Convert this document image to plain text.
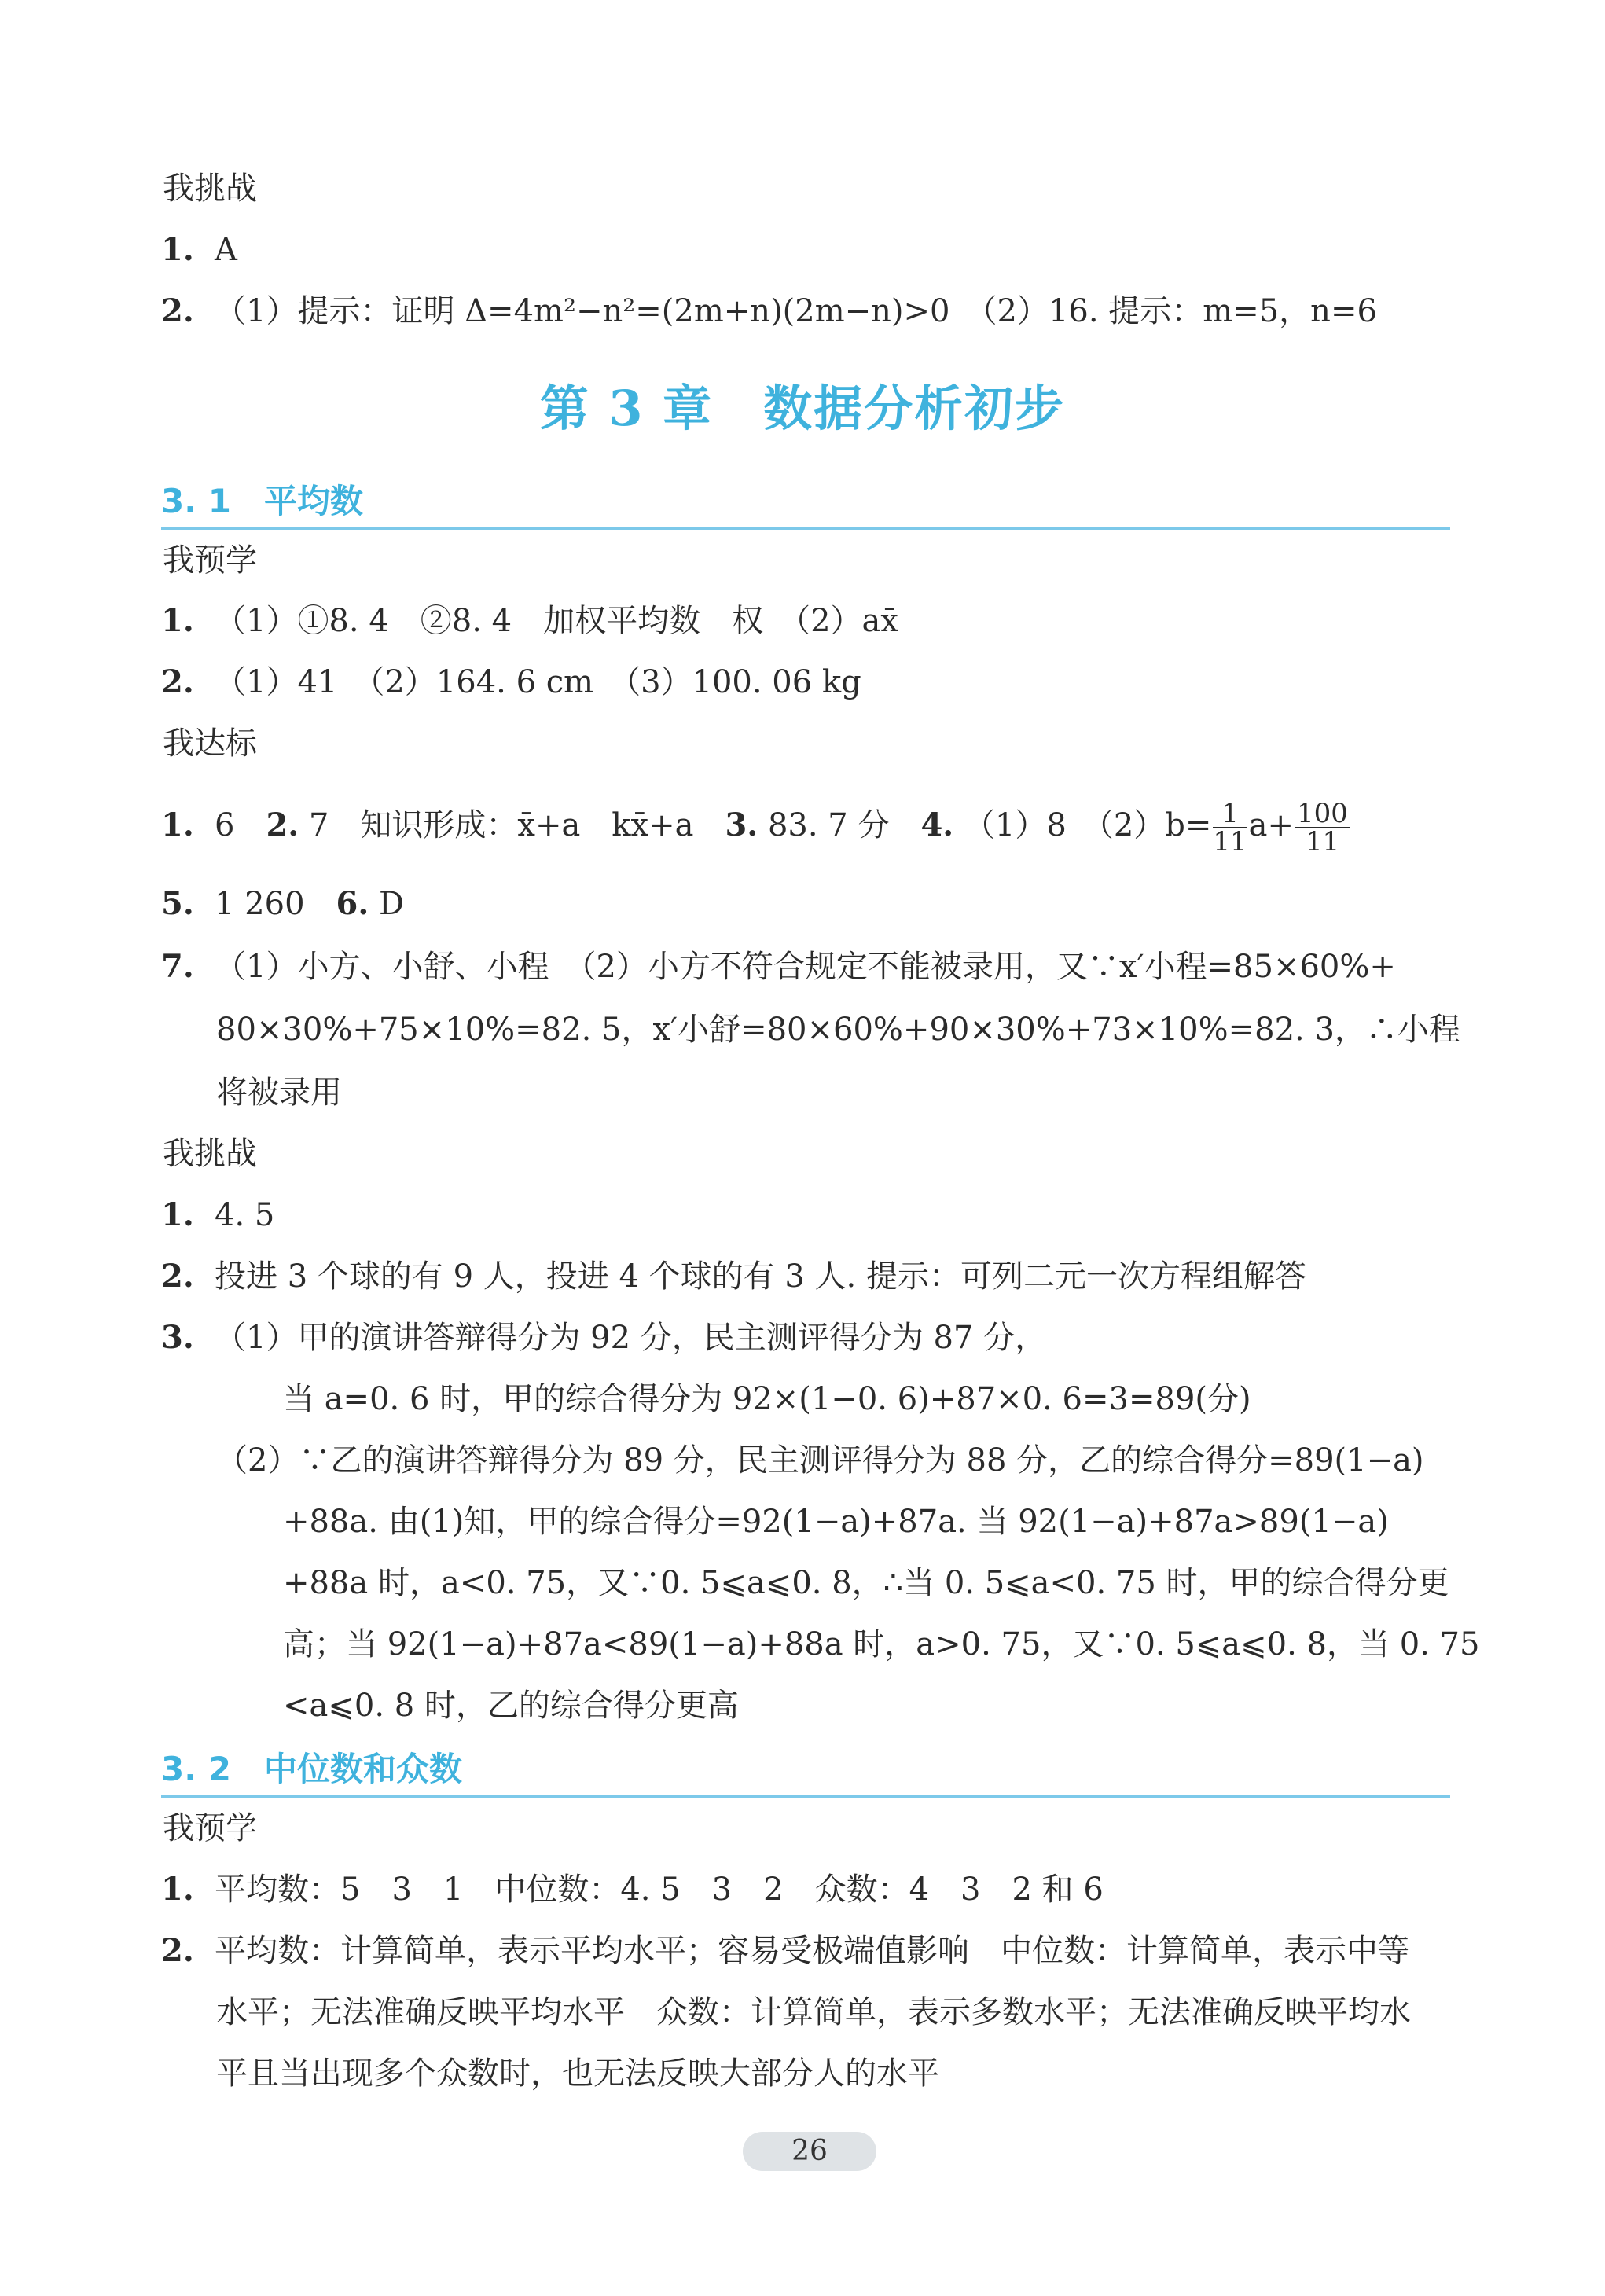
我挑战
1. A
2. （1）提示：证明 Δ=4m²−n²=(2m+n)(2m−n)>0　（2）16. 提示：m=5，n=6
第 3 章　数据分析初步
3. 1　平均数
我预学
1. （1）①8. 4　②8. 4　加权平均数　权　（2）ax̄
2. （1）41　（2）164. 6 cm　（3）100. 06 kg
我达标
1. 6　2. 7　知识形成：x̄+a　kx̄+a　3. 83. 7 分　4. （1）8　$(2)b= \frac{1}{11} a+ \frac{100}{11}$
5. 1 260　6. D
7. （1）小方、小舒、小程　（2）小方不符合规定不能被录用，又∵x′小程=85×60%+
80×30%+75×10%=82. 5，x′小舒=80×60%+90×30%+73×10%=82. 3，∴小程
将被录用
我挑战
1. 4. 5
2. 投进 3 个球的有 9 人，投进 4 个球的有 3 人. 提示：可列二元一次方程组解答
3. （1）甲的演讲答辩得分为 92 分，民主测评得分为 87 分，
当 a=0. 6 时，甲的综合得分为 92×(1−0. 6)+87×0. 6=3=89(分)
（2）∵乙的演讲答辩得分为 89 分，民主测评得分为 88 分，乙的综合得分=89(1−a)
+88a. 由(1)知，甲的综合得分=92(1−a)+87a. 当 92(1−a)+87a>89(1−a)
+88a 时，a<0. 75，又∵0. 5⩽a⩽0. 8，∴当 0. 5⩽a<0. 75 时，甲的综合得分更
高；当 92(1−a)+87a<89(1−a)+88a 时，a>0. 75，又∵0. 5⩽a⩽0. 8，当 0. 75
<a⩽0. 8 时，乙的综合得分更高
3. 2　中位数和众数
我预学
1. 平均数：5　3　1　中位数：4. 5　3　2　众数：4　3　2 和 6
2. 平均数：计算简单，表示平均水平；容易受极端值影响　中位数：计算简单，表示中等
水平；无法准确反映平均水平　众数：计算简单，表示多数水平；无法准确反映平均水
平且当出现多个众数时，也无法反映大部分人的水平
26
